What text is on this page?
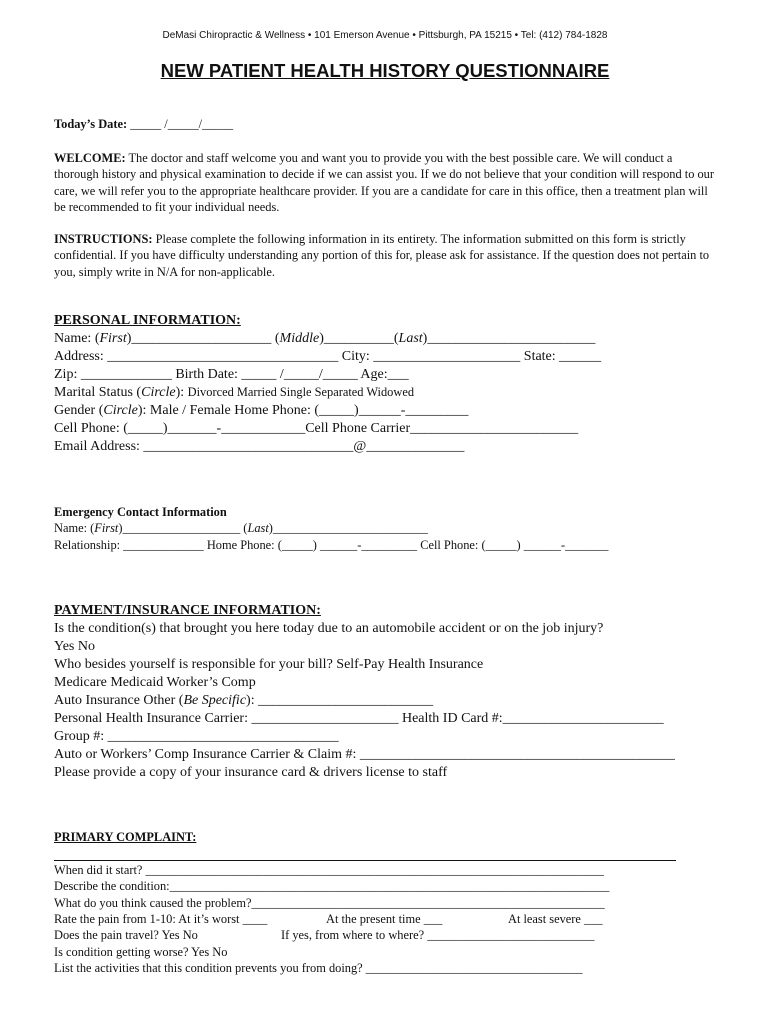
DeMasi Chiropractic & Wellness • 101 Emerson Avenue • Pittsburgh, PA 15215 • Tel: (412) 784-1828
NEW PATIENT HEALTH HISTORY QUESTIONNAIRE
Today’s Date: _____ /_____/_____
WELCOME: The doctor and staff welcome you and want you to provide you with the best possible care. We will conduct a thorough history and physical examination to decide if we can assist you. If we do not believe that your condition will respond to our care, we will refer you to the appropriate healthcare provider. If you are a candidate for care in this office, then a treatment plan will be recommended to fit your individual needs.
INSTRUCTIONS: Please complete the following information in its entirety. The information submitted on this form is strictly confidential. If you have difficulty understanding any portion of this for, please ask for assistance. If the question does not pertain to you, simply write in N/A for non-applicable.
PERSONAL INFORMATION:
Name: (First)____________________ (Middle)__________(Last)________________________
Address: _________________________________ City: _____________________ State: ______
Zip: _____________ Birth Date: _____ /_____/_____ Age:___
Marital Status (Circle): Divorced Married Single Separated Widowed
Gender (Circle): Male / Female Home Phone: (_____)______-_________
Cell Phone: (_____)_______-____________Cell Phone Carrier________________________
Email Address: ______________________________@______________
Emergency Contact Information
Name: (First)___________________ (Last)_________________________
Relationship: _____________ Home Phone: (_____) ______-_________ Cell Phone: (_____) ______-_______
PAYMENT/INSURANCE INFORMATION:
Is the condition(s) that brought you here today due to an automobile accident or on the job injury?
Yes No
Who besides yourself is responsible for your bill? Self-Pay Health Insurance
Medicare Medicaid Worker’s Comp
Auto Insurance Other (Be Specific): _________________________
Personal Health Insurance Carrier: _____________________ Health ID Card #:_______________________
Group #: _________________________________
Auto or Workers’ Comp Insurance Carrier & Claim #: _____________________________________________
Please provide a copy of your insurance card & drivers license to staff
PRIMARY COMPLAINT:
When did it start? __________________________________________________________________________
Describe the condition:_______________________________________________________________________
What do you think caused the problem?_________________________________________________________
Rate the pain from 1-10: At it’s worst ____	At the present time ___	At least severe ___
Does the pain travel? Yes No	If yes, from where to where? ___________________________
Is condition getting worse? Yes No
List the activities that this condition prevents you from doing? ___________________________________
